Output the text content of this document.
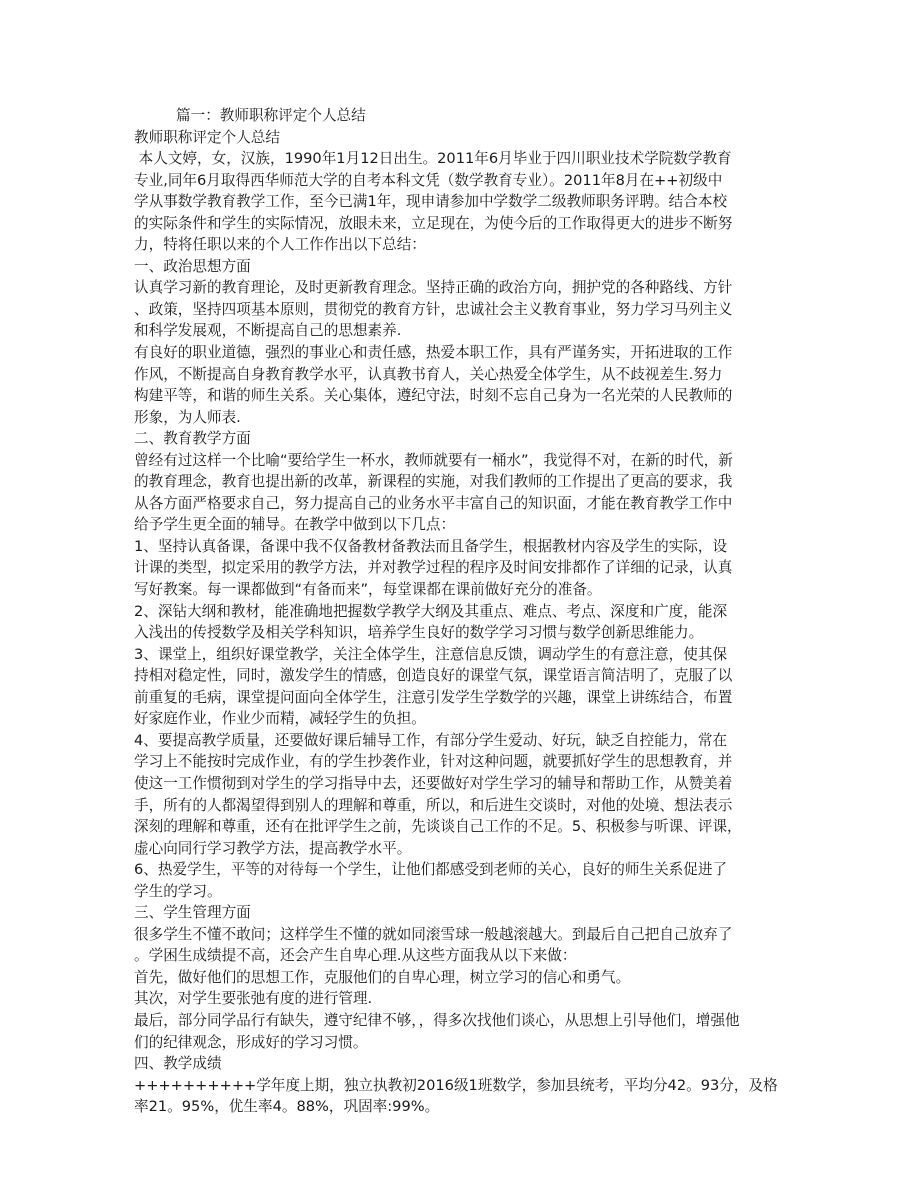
篇一：教师职称评定个人总结
教师职称评定个人总结
本人文婷，女，汉族，1990年1月12日出生。2011年6月毕业于四川职业技术学院数学教育
专业,同年6月取得西华师范大学的自考本科文凭（数学教育专业）。2011年8月在++初级中
学从事数学教育教学工作，至今已满1年，现申请参加中学数学二级教师职务评聘。结合本校
的实际条件和学生的实际情况，放眼未来，立足现在，为使今后的工作取得更大的进步不断努
力，特将任职以来的个人工作作出以下总结：
一、政治思想方面
认真学习新的教育理论，及时更新教育理念。坚持正确的政治方向，拥护党的各种路线、方针
、政策，坚持四项基本原则，贯彻党的教育方针，忠诚社会主义教育事业，努力学习马列主义
和科学发展观，不断提高自己的思想素养.
有良好的职业道德，强烈的事业心和责任感，热爱本职工作，具有严谨务实，开拓进取的工作
作风，不断提高自身教育教学水平，认真教书育人，关心热爱全体学生，从不歧视差生.努力
构建平等，和谐的师生关系。关心集体，遵纪守法，时刻不忘自己身为一名光荣的人民教师的
形象，为人师表.
二、教育教学方面
曾经有过这样一个比喻“要给学生一杯水，教师就要有一桶水”，我觉得不对，在新的时代，新
的教育理念，教育也提出新的改革，新课程的实施，对我们教师的工作提出了更高的要求，我
从各方面严格要求自己，努力提高自己的业务水平丰富自己的知识面，才能在教育教学工作中
给予学生更全面的辅导。在教学中做到以下几点：
1、坚持认真备课，备课中我不仅备教材备教法而且备学生，根据教材内容及学生的实际，设
计课的类型，拟定采用的教学方法，并对教学过程的程序及时间安排都作了详细的记录，认真
写好教案。每一课都做到“有备而来”，每堂课都在课前做好充分的准备。
2、深钻大纲和教材，能准确地把握数学教学大纲及其重点、难点、考点、深度和广度，能深
入浅出的传授数学及相关学科知识，培养学生良好的数学学习习惯与数学创新思维能力。
3、课堂上，组织好课堂教学，关注全体学生，注意信息反馈，调动学生的有意注意，使其保
持相对稳定性，同时，激发学生的情感，创造良好的课堂气氛，课堂语言简洁明了，克服了以
前重复的毛病，课堂提问面向全体学生，注意引发学生学数学的兴趣，课堂上讲练结合，布置
好家庭作业，作业少而精，减轻学生的负担。
4、要提高教学质量，还要做好课后辅导工作，有部分学生爱动、好玩，缺乏自控能力，常在
学习上不能按时完成作业，有的学生抄袭作业，针对这种问题，就要抓好学生的思想教育，并
使这一工作惯彻到对学生的学习指导中去，还要做好对学生学习的辅导和帮助工作，从赞美着
手，所有的人都渴望得到别人的理解和尊重，所以，和后进生交谈时，对他的处境、想法表示
深刻的理解和尊重，还有在批评学生之前，先谈谈自己工作的不足。5、积极参与听课、评课，
虚心向同行学习教学方法，提高教学水平。
6、热爱学生，平等的对待每一个学生，让他们都感受到老师的关心，良好的师生关系促进了
学生的学习。
三、学生管理方面
很多学生不懂不敢问；这样学生不懂的就如同滚雪球一般越滚越大。到最后自己把自己放弃了
。学困生成绩提不高，还会产生自卑心理.从这些方面我从以下来做：
首先，做好他们的思想工作，克服他们的自卑心理，树立学习的信心和勇气。
其次，对学生要张弛有度的进行管理.
最后，部分同学品行有缺失，遵守纪律不够，，得多次找他们谈心，从思想上引导他们，增强他
们的纪律观念，形成好的学习习惯。
四、教学成绩
++++++++++学年度上期，独立执教初2016级1班数学，参加县统考，平均分42。93分，及格
率21。95%，优生率4。88%，巩固率:99%。
